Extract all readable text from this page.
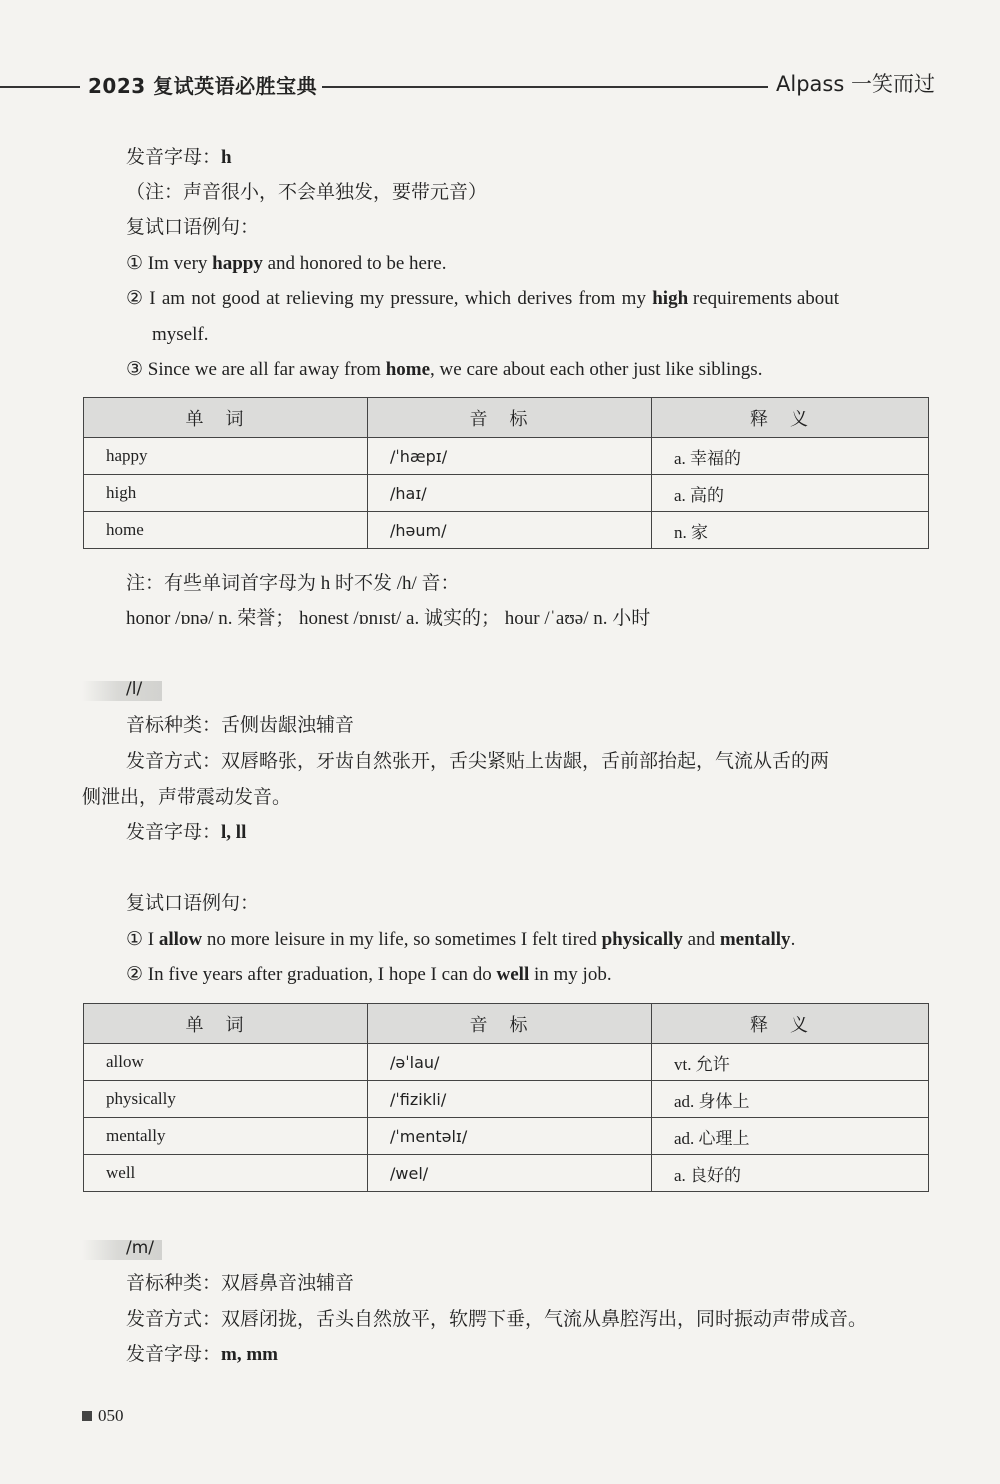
2023 复试英语必胜宝典	Alpass 一笑而过
发音字母：h
（注：声音很小，不会单独发，要带元音）
复试口语例句：
① Im very happy and honored to be here.
② I am not good at relieving my pressure, which derives from my high requirements about
myself.
③ Since we are all far away from home, we care about each other just like siblings.
单词	音标	释义
happy	/ˈhæpɪ/	a. 幸福的
high	/haɪ/	a. 高的
home	/həum/	n. 家
注：有些单词首字母为 h 时不发 /h/ 音：
honor /ɒnə/ n. 荣誉； honest /ɒnɪst/ a. 诚实的； hour /ˈaʊə/ n. 小时
/l/
音标种类：舌侧齿龈浊辅音
发音方式：双唇略张，牙齿自然张开，舌尖紧贴上齿龈，舌前部抬起，气流从舌的两
侧泄出，声带震动发音。
发音字母：l, ll
复试口语例句：
① I allow no more leisure in my life, so sometimes I felt tired physically and mentally.
② In five years after graduation, I hope I can do well in my job.
单词	音标	释义
allow	/əˈlau/	vt. 允许
physically	/ˈfizikli/	ad. 身体上
mentally	/ˈmentəlɪ/	ad. 心理上
well	/wel/	a. 良好的
/m/
音标种类：双唇鼻音浊辅音
发音方式：双唇闭拢，舌头自然放平，软腭下垂，气流从鼻腔泻出，同时振动声带成音。
发音字母：m, mm
050
